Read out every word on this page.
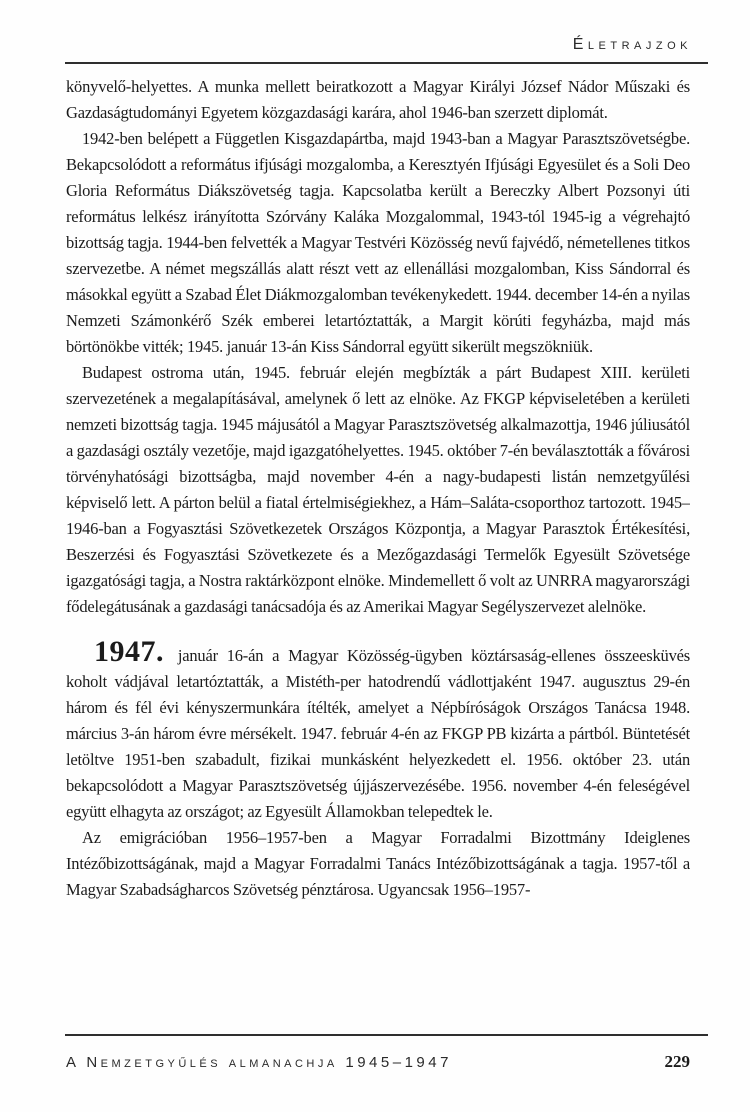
Életrajzok

könyvelő-helyettes. A munka mellett beiratkozott a Magyar Királyi József Nádor Műszaki és Gazdaságtudományi Egyetem közgazdasági karára, ahol 1946-ban szerzett diplomát.

1942-ben belépett a Független Kisgazdapártba, majd 1943-ban a Magyar Parasztszövetségbe. Bekapcsolódott a református ifjúsági mozgalomba, a Keresztyén Ifjúsági Egyesület és a Soli Deo Gloria Református Diákszövetség tagja. Kapcsolatba került a Bereczky Albert Pozsonyi úti református lelkész irányította Szórvány Kaláka Mozgalommal, 1943-tól 1945-ig a végrehajtó bizottság tagja. 1944-ben felvették a Magyar Testvéri Közösség nevű fajvédő, németellenes titkos szervezetbe. A német megszállás alatt részt vett az ellenállási mozgalomban, Kiss Sándorral és másokkal együtt a Szabad Élet Diákmozgalomban tevékenykedett. 1944. december 14-én a nyilas Nemzeti Számonkérő Szék emberei letartóztatták, a Margit körúti fegyházba, majd más börtönökbe vitték; 1945. január 13-án Kiss Sándorral együtt sikerült megszökniük.

Budapest ostroma után, 1945. február elején megbízták a párt Budapest XIII. kerületi szervezetének a megalapításával, amelynek ő lett az elnöke. Az FKGP képviseletében a kerületi nemzeti bizottság tagja. 1945 májusától a Magyar Parasztszövetség alkalmazottja, 1946 júliusától a gazdasági osztály vezetője, majd igazgatóhelyettes. 1945. október 7-én beválasztották a fővárosi törvényhatósági bizottságba, majd november 4-én a nagy-budapesti listán nemzetgyűlési képviselő lett. A párton belül a fiatal értelmiségiekhez, a Hám–Saláta-csoporthoz tartozott. 1945–1946-ban a Fogyasztási Szövetkezetek Országos Központja, a Magyar Parasztok Értékesítési, Beszerzési és Fogyasztási Szövetkezete és a Mezőgazdasági Termelők Egyesült Szövetsége igazgatósági tagja, a Nostra raktárközpont elnöke. Mindemellett ő volt az UNRRA magyarországi fődelegátusának a gazdasági tanácsadója és az Amerikai Magyar Segélyszervezet alelnöke.

1947. január 16-án a Magyar Közösség-ügyben köztársaság-ellenes összeesküvés koholt vádjával letartóztatták, a Mistéth-per hatodrendű vádlottjaként 1947. augusztus 29-én három és fél évi kényszermunkára ítélték, amelyet a Népbíróságok Országos Tanácsa 1948. március 3-án három évre mérsékelt. 1947. február 4-én az FKGP PB kizárta a pártból. Büntetését letöltve 1951-ben szabadult, fizikai munkásként helyezkedett el. 1956. október 23. után bekapcsolódott a Magyar Parasztszövetség újjászervezésébe. 1956. november 4-én feleségével együtt elhagyta az országot; az Egyesült Államokban telepedtek le.

Az emigrációban 1956–1957-ben a Magyar Forradalmi Bizottmány Ideiglenes Intézőbizottságának, majd a Magyar Forradalmi Tanács Intézőbizottságának a tagja. 1957-től a Magyar Szabadságharcos Szövetség pénztárosa. Ugyancsak 1956–1957-

A Nemzetgyűlés almanachja 1945–1947	229
